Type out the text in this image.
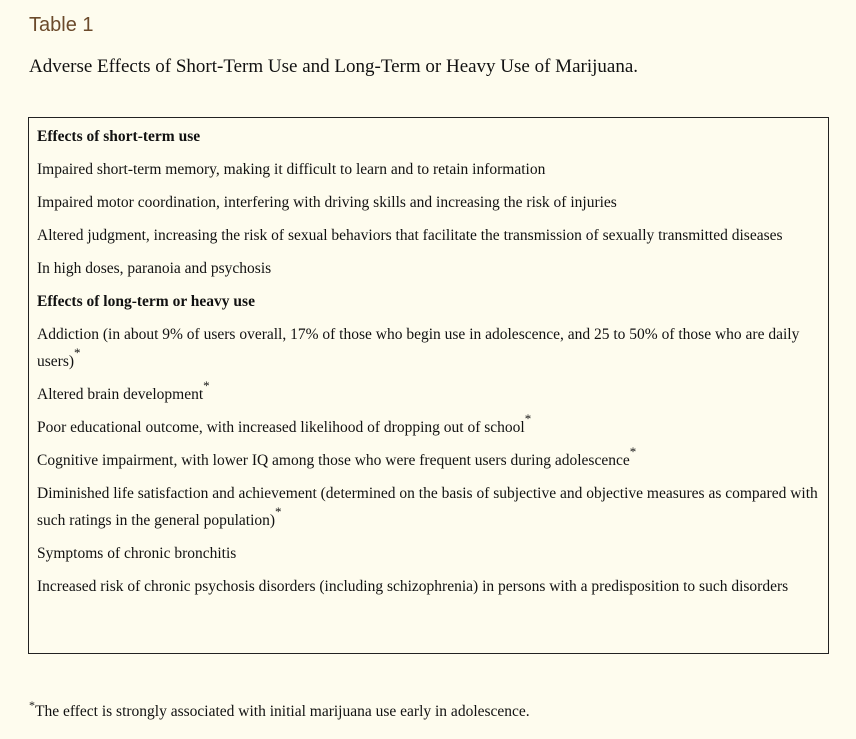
Table 1
Adverse Effects of Short-Term Use and Long-Term or Heavy Use of Marijuana.
Effects of short-term use
Impaired short-term memory, making it difficult to learn and to retain information
Impaired motor coordination, interfering with driving skills and increasing the risk of injuries
Altered judgment, increasing the risk of sexual behaviors that facilitate the transmission of sexually transmitted diseases
In high doses, paranoia and psychosis
Effects of long-term or heavy use
Addiction (in about 9% of users overall, 17% of those who begin use in adolescence, and 25 to 50% of those who are daily users)*
Altered brain development*
Poor educational outcome, with increased likelihood of dropping out of school*
Cognitive impairment, with lower IQ among those who were frequent users during adolescence*
Diminished life satisfaction and achievement (determined on the basis of subjective and objective measures as compared with such ratings in the general population)*
Symptoms of chronic bronchitis
Increased risk of chronic psychosis disorders (including schizophrenia) in persons with a predisposition to such disorders

*The effect is strongly associated with initial marijuana use early in adolescence.
